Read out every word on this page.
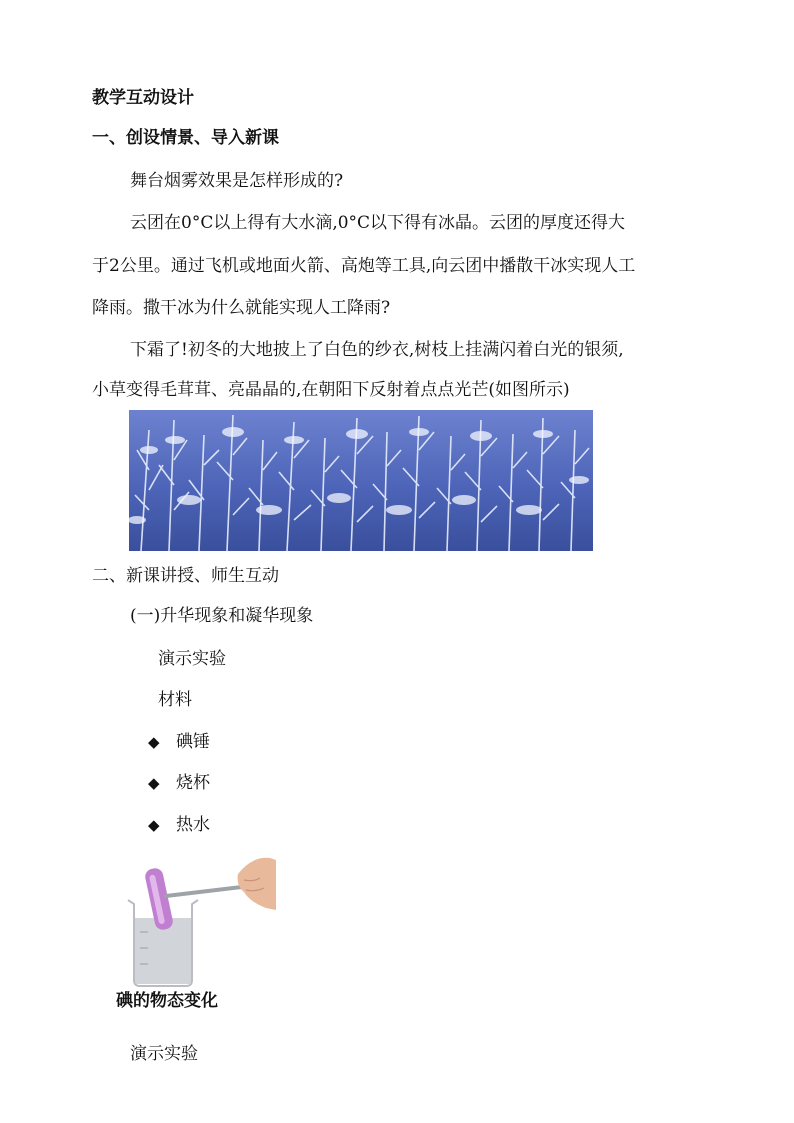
教学互动设计
一、创设情景、导入新课
舞台烟雾效果是怎样形成的?
云团在0°C以上得有大水滴,0°C以下得有冰晶。云团的厚度还得大
于2公里。通过飞机或地面火箭、高炮等工具,向云团中播散干冰实现人工
降雨。撒干冰为什么就能实现人工降雨?
下霜了!初冬的大地披上了白色的纱衣,树枝上挂满闪着白光的银须,
小草变得毛茸茸、亮晶晶的,在朝阳下反射着点点光芒(如图所示)
二、新课讲授、师生互动
(一)升华现象和凝华现象
演示实验
材料
◆ 碘锤
◆ 烧杯
◆ 热水
碘的物态变化
演示实验
